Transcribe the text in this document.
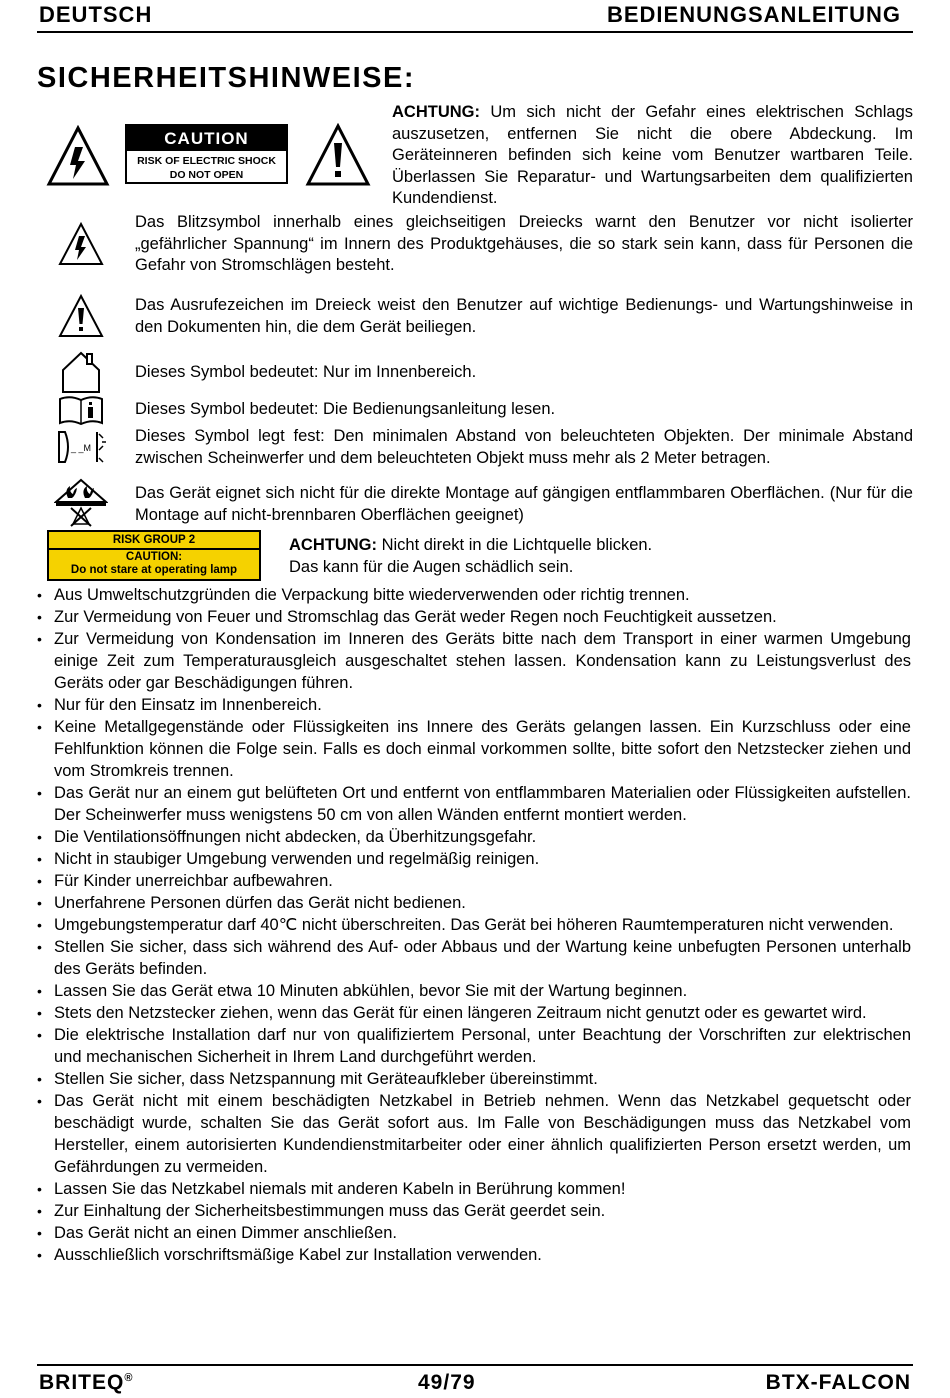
DEUTSCH	BEDIENUNGSANLEITUNG
SICHERHEITSHINWEISE:
CAUTION
RISK OF ELECTRIC SHOCK
DO NOT OPEN
ACHTUNG: Um sich nicht der Gefahr eines elektrischen Schlags auszusetzen, entfernen Sie nicht die obere Abdeckung. Im Geräteinneren befinden sich keine vom Benutzer wartbaren Teile. Überlassen Sie Reparatur- und Wartungsarbeiten dem qualifizierten Kundendienst.
Das Blitzsymbol innerhalb eines gleichseitigen Dreiecks warnt den Benutzer vor nicht isolierter „gefährlicher Spannung“ im Innern des Produktgehäuses, die so stark sein kann, dass für Personen die Gefahr von Stromschlägen besteht.
Das Ausrufezeichen im Dreieck weist den Benutzer auf wichtige Bedienungs- und Wartungshinweise in den Dokumenten hin, die dem Gerät beiliegen.
Dieses Symbol bedeutet: Nur im Innenbereich.
Dieses Symbol bedeutet: Die Bedienungsanleitung lesen.
_ _M
Dieses Symbol legt fest: Den minimalen Abstand von beleuchteten Objekten. Der minimale Abstand zwischen Scheinwerfer und dem beleuchteten Objekt muss mehr als 2 Meter betragen.
Das Gerät eignet sich nicht für die direkte Montage auf gängigen entflammbaren Oberflächen. (Nur für die Montage auf nicht-brennbaren Oberflächen geeignet)
RISK GROUP 2
CAUTION:
Do not stare at operating lamp
ACHTUNG: Nicht direkt in die Lichtquelle blicken.
Das kann für die Augen schädlich sein.
• Aus Umweltschutzgründen die Verpackung bitte wiederverwenden oder richtig trennen.
• Zur Vermeidung von Feuer und Stromschlag das Gerät weder Regen noch Feuchtigkeit aussetzen.
• Zur Vermeidung von Kondensation im Inneren des Geräts bitte nach dem Transport in einer warmen Umgebung einige Zeit zum Temperaturausgleich ausgeschaltet stehen lassen. Kondensation kann zu Leistungsverlust des Geräts oder gar Beschädigungen führen.
• Nur für den Einsatz im Innenbereich.
• Keine Metallgegenstände oder Flüssigkeiten ins Innere des Geräts gelangen lassen. Ein Kurzschluss oder eine Fehlfunktion können die Folge sein. Falls es doch einmal vorkommen sollte, bitte sofort den Netzstecker ziehen und vom Stromkreis trennen.
• Das Gerät nur an einem gut belüfteten Ort und entfernt von entflammbaren Materialien oder Flüssigkeiten aufstellen. Der Scheinwerfer muss wenigstens 50 cm von allen Wänden entfernt montiert werden.
• Die Ventilationsöffnungen nicht abdecken, da Überhitzungsgefahr.
• Nicht in staubiger Umgebung verwenden und regelmäßig reinigen.
• Für Kinder unerreichbar aufbewahren.
• Unerfahrene Personen dürfen das Gerät nicht bedienen.
• Umgebungstemperatur darf 40℃ nicht überschreiten. Das Gerät bei höheren Raumtemperaturen nicht verwenden.
• Stellen Sie sicher, dass sich während des Auf- oder Abbaus und der Wartung keine unbefugten Personen unterhalb des Geräts befinden.
• Lassen Sie das Gerät etwa 10 Minuten abkühlen, bevor Sie mit der Wartung beginnen.
• Stets den Netzstecker ziehen, wenn das Gerät für einen längeren Zeitraum nicht genutzt oder es gewartet wird.
• Die elektrische Installation darf nur von qualifiziertem Personal, unter Beachtung der Vorschriften zur elektrischen und mechanischen Sicherheit in Ihrem Land durchgeführt werden.
• Stellen Sie sicher, dass Netzspannung mit Geräteaufkleber übereinstimmt.
• Das Gerät nicht mit einem beschädigten Netzkabel in Betrieb nehmen. Wenn das Netzkabel gequetscht oder beschädigt wurde, schalten Sie das Gerät sofort aus. Im Falle von Beschädigungen muss das Netzkabel vom Hersteller, einem autorisierten Kundendienstmitarbeiter oder einer ähnlich qualifizierten Person ersetzt werden, um Gefährdungen zu vermeiden.
• Lassen Sie das Netzkabel niemals mit anderen Kabeln in Berührung kommen!
• Zur Einhaltung der Sicherheitsbestimmungen muss das Gerät geerdet sein.
• Das Gerät nicht an einen Dimmer anschließen.
• Ausschließlich vorschriftsmäßige Kabel zur Installation verwenden.
BRITEQ®	49/79	BTX-FALCON
